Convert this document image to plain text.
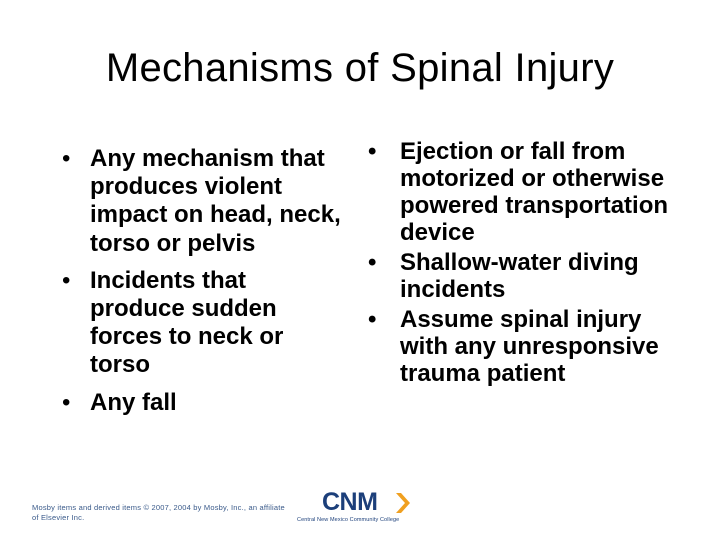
Mechanisms of Spinal Injury
• Any mechanism that produces violent impact on head, neck, torso or pelvis
• Incidents that produce sudden forces to neck or torso
• Any fall
• Ejection or fall from motorized or otherwise powered transportation device
• Shallow-water diving incidents
• Assume spinal injury with any unresponsive trauma patient
Mosby items and derived items © 2007, 2004 by Mosby, Inc., an affiliate of Elsevier Inc.
CNM
Central New Mexico Community College
